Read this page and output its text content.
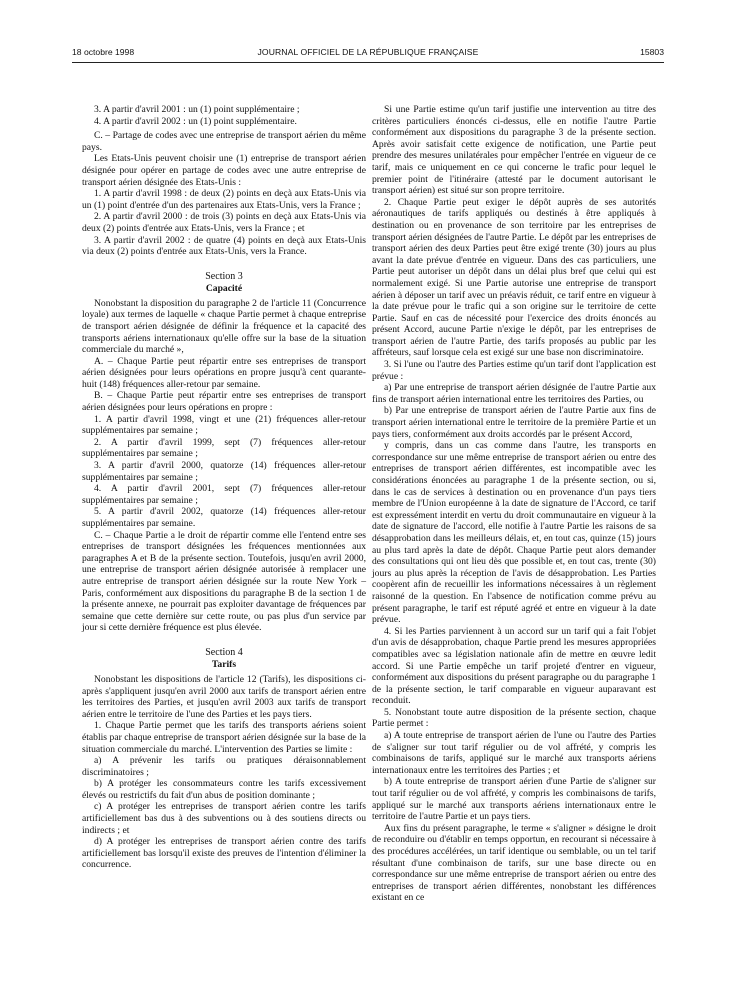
18 octobre 1998	JOURNAL OFFICIEL DE LA RÉPUBLIQUE FRANÇAISE	15803

3. A partir d'avril 2001 : un (1) point supplémentaire ;

4. A partir d'avril 2002 : un (1) point supplémentaire.

C. – Partage de codes avec une entreprise de transport aérien du même pays.

Les Etats-Unis peuvent choisir une (1) entreprise de transport aérien désignée pour opérer en partage de codes avec une autre entreprise de transport aérien désignée des Etats-Unis :

1. A partir d'avril 1998 : de deux (2) points en deçà aux Etats-Unis via un (1) point d'entrée d'un des partenaires aux Etats-Unis, vers la France ;

2. A partir d'avril 2000 : de trois (3) points en deçà aux Etats-Unis via deux (2) points d'entrée aux Etats-Unis, vers la France ; et

3. A partir d'avril 2002 : de quatre (4) points en deçà aux Etats-Unis via deux (2) points d'entrée aux Etats-Unis, vers la France.

Section 3
Capacité

Nonobstant la disposition du paragraphe 2 de l'article 11 (Concurrence loyale) aux termes de laquelle « chaque Partie permet à chaque entreprise de transport aérien désignée de définir la fréquence et la capacité des transports aériens internationaux qu'elle offre sur la base de la situation commerciale du marché »,

A. – Chaque Partie peut répartir entre ses entreprises de transport aérien désignées pour leurs opérations en propre jusqu'à cent quarante-huit (148) fréquences aller-retour par semaine.

B. – Chaque Partie peut répartir entre ses entreprises de transport aérien désignées pour leurs opérations en propre :

1. A partir d'avril 1998, vingt et une (21) fréquences aller-retour supplémentaires par semaine ;

2. A partir d'avril 1999, sept (7) fréquences aller-retour supplémentaires par semaine ;

3. A partir d'avril 2000, quatorze (14) fréquences aller-retour supplémentaires par semaine ;

4. A partir d'avril 2001, sept (7) fréquences aller-retour supplémentaires par semaine ;

5. A partir d'avril 2002, quatorze (14) fréquences aller-retour supplémentaires par semaine.

C. – Chaque Partie a le droit de répartir comme elle l'entend entre ses entreprises de transport désignées les fréquences mentionnées aux paragraphes A et B de la présente section. Toutefois, jusqu'en avril 2000, une entreprise de transport aérien désignée autorisée à remplacer une autre entreprise de transport aérien désignée sur la route New York – Paris, conformément aux dispositions du paragraphe B de la section 1 de la présente annexe, ne pourrait pas exploiter davantage de fréquences par semaine que cette dernière sur cette route, ou pas plus d'un service par jour si cette dernière fréquence est plus élevée.

Section 4
Tarifs

Nonobstant les dispositions de l'article 12 (Tarifs), les dispositions ci-après s'appliquent jusqu'en avril 2000 aux tarifs de transport aérien entre les territoires des Parties, et jusqu'en avril 2003 aux tarifs de transport aérien entre le territoire de l'une des Parties et les pays tiers.

1. Chaque Partie permet que les tarifs des transports aériens soient établis par chaque entreprise de transport aérien désignée sur la base de la situation commerciale du marché. L'intervention des Parties se limite :

a) A prévenir les tarifs ou pratiques déraisonnablement discriminatoires ;

b) A protéger les consommateurs contre les tarifs excessivement élevés ou restrictifs du fait d'un abus de position dominante ;

c) A protéger les entreprises de transport aérien contre les tarifs artificiellement bas dus à des subventions ou à des soutiens directs ou indirects ; et

d) A protéger les entreprises de transport aérien contre des tarifs artificiellement bas lorsqu'il existe des preuves de l'intention d'éliminer la concurrence.

Si une Partie estime qu'un tarif justifie une intervention au titre des critères particuliers énoncés ci-dessus, elle en notifie l'autre Partie conformément aux dispositions du paragraphe 3 de la présente section. Après avoir satisfait cette exigence de notification, une Partie peut prendre des mesures unilatérales pour empêcher l'entrée en vigueur de ce tarif, mais ce uniquement en ce qui concerne le trafic pour lequel le premier point de l'itinéraire (attesté par le document autorisant le transport aérien) est situé sur son propre territoire.

2. Chaque Partie peut exiger le dépôt auprès de ses autorités aéronautiques de tarifs appliqués ou destinés à être appliqués à destination ou en provenance de son territoire par les entreprises de transport aérien désignées de l'autre Partie. Le dépôt par les entreprises de transport aérien des deux Parties peut être exigé trente (30) jours au plus avant la date prévue d'entrée en vigueur. Dans des cas particuliers, une Partie peut autoriser un dépôt dans un délai plus bref que celui qui est normalement exigé. Si une Partie autorise une entreprise de transport aérien à déposer un tarif avec un préavis réduit, ce tarif entre en vigueur à la date prévue pour le trafic qui a son origine sur le territoire de cette Partie. Sauf en cas de nécessité pour l'exercice des droits énoncés au présent Accord, aucune Partie n'exige le dépôt, par les entreprises de transport aérien de l'autre Partie, des tarifs proposés au public par les affréteurs, sauf lorsque cela est exigé sur une base non discriminatoire.

3. Si l'une ou l'autre des Parties estime qu'un tarif dont l'application est prévue :

a) Par une entreprise de transport aérien désignée de l'autre Partie aux fins de transport aérien international entre les territoires des Parties, ou

b) Par une entreprise de transport aérien de l'autre Partie aux fins de transport aérien international entre le territoire de la première Partie et un pays tiers, conformément aux droits accordés par le présent Accord,

y compris, dans un cas comme dans l'autre, les transports en correspondance sur une même entreprise de transport aérien ou entre des entreprises de transport aérien différentes, est incompatible avec les considérations énoncées au paragraphe 1 de la présente section, ou si, dans le cas de services à destination ou en provenance d'un pays tiers membre de l'Union européenne à la date de signature de l'Accord, ce tarif est expressément interdit en vertu du droit communautaire en vigueur à la date de signature de l'accord, elle notifie à l'autre Partie les raisons de sa désapprobation dans les meilleurs délais, et, en tout cas, quinze (15) jours au plus tard après la date de dépôt. Chaque Partie peut alors demander des consultations qui ont lieu dès que possible et, en tout cas, trente (30) jours au plus après la réception de l'avis de désapprobation. Les Parties coopèrent afin de recueillir les informations nécessaires à un règlement raisonné de la question. En l'absence de notification comme prévu au présent paragraphe, le tarif est réputé agréé et entre en vigueur à la date prévue.

4. Si les Parties parviennent à un accord sur un tarif qui a fait l'objet d'un avis de désapprobation, chaque Partie prend les mesures appropriées compatibles avec sa législation nationale afin de mettre en œuvre ledit accord. Si une Partie empêche un tarif projeté d'entrer en vigueur, conformément aux dispositions du présent paragraphe ou du paragraphe 1 de la présente section, le tarif comparable en vigueur auparavant est reconduit.

5. Nonobstant toute autre disposition de la présente section, chaque Partie permet :

a) A toute entreprise de transport aérien de l'une ou l'autre des Parties de s'aligner sur tout tarif régulier ou de vol affrété, y compris les combinaisons de tarifs, appliqué sur le marché aux transports aériens internationaux entre les territoires des Parties ; et

b) A toute entreprise de transport aérien d'une Partie de s'aligner sur tout tarif régulier ou de vol affrété, y compris les combinaisons de tarifs, appliqué sur le marché aux transports aériens internationaux entre le territoire de l'autre Partie et un pays tiers.

Aux fins du présent paragraphe, le terme « s'aligner » désigne le droit de reconduire ou d'établir en temps opportun, en recourant si nécessaire à des procédures accélérées, un tarif identique ou semblable, ou un tel tarif résultant d'une combinaison de tarifs, sur une base directe ou en correspondance sur une même entreprise de transport aérien ou entre des entreprises de transport aérien différentes, nonobstant les différences existant en ce
